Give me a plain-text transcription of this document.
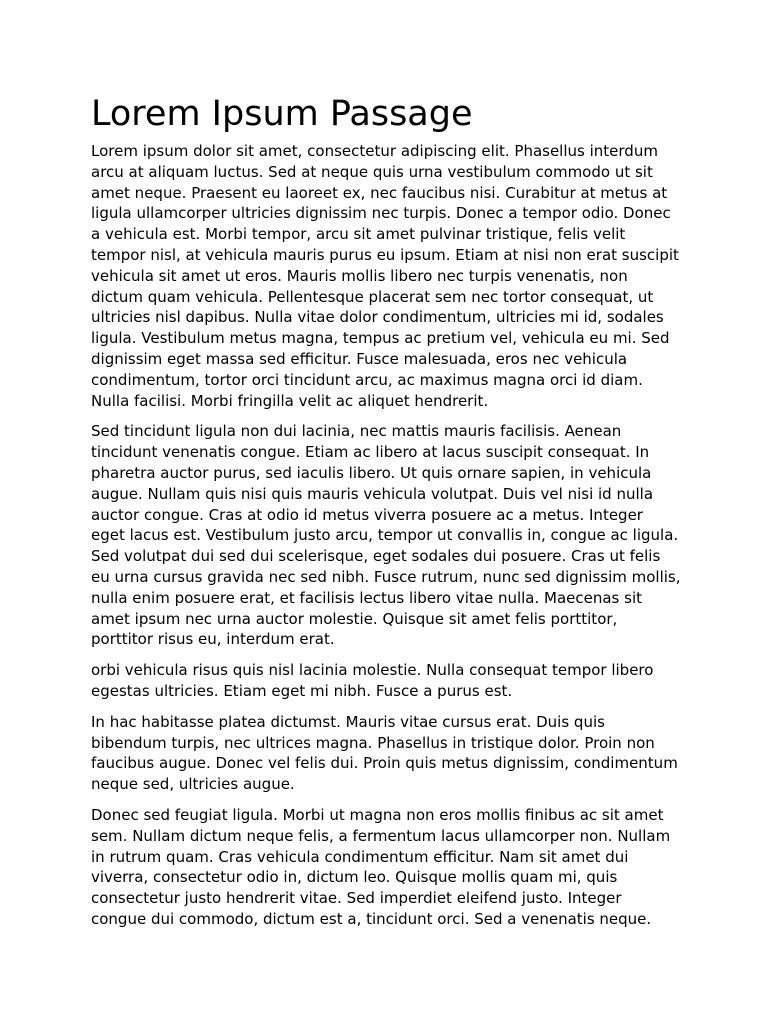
Lorem Ipsum Passage

Lorem ipsum dolor sit amet, consectetur adipiscing elit. Phasellus interdum arcu at aliquam luctus. Sed at neque quis urna vestibulum commodo ut sit amet neque. Praesent eu laoreet ex, nec faucibus nisi. Curabitur at metus at ligula ullamcorper ultricies dignissim nec turpis. Donec a tempor odio. Donec a vehicula est. Morbi tempor, arcu sit amet pulvinar tristique, felis velit tempor nisl, at vehicula mauris purus eu ipsum. Etiam at nisi non erat suscipit vehicula sit amet ut eros. Mauris mollis libero nec turpis venenatis, non dictum quam vehicula. Pellentesque placerat sem nec tortor consequat, ut ultricies nisl dapibus. Nulla vitae dolor condimentum, ultricies mi id, sodales ligula. Vestibulum metus magna, tempus ac pretium vel, vehicula eu mi. Sed dignissim eget massa sed efficitur. Fusce malesuada, eros nec vehicula condimentum, tortor orci tincidunt arcu, ac maximus magna orci id diam. Nulla facilisi. Morbi fringilla velit ac aliquet hendrerit.

Sed tincidunt ligula non dui lacinia, nec mattis mauris facilisis. Aenean tincidunt venenatis congue. Etiam ac libero at lacus suscipit consequat. In pharetra auctor purus, sed iaculis libero. Ut quis ornare sapien, in vehicula augue. Nullam quis nisi quis mauris vehicula volutpat. Duis vel nisi id nulla auctor congue. Cras at odio id metus viverra posuere ac a metus. Integer eget lacus est. Vestibulum justo arcu, tempor ut convallis in, congue ac ligula. Sed volutpat dui sed dui scelerisque, eget sodales dui posuere. Cras ut felis eu urna cursus gravida nec sed nibh. Fusce rutrum, nunc sed dignissim mollis, nulla enim posuere erat, et facilisis lectus libero vitae nulla. Maecenas sit amet ipsum nec urna auctor molestie. Quisque sit amet felis porttitor, porttitor risus eu, interdum erat.

orbi vehicula risus quis nisl lacinia molestie. Nulla consequat tempor libero egestas ultricies. Etiam eget mi nibh. Fusce a purus est.

In hac habitasse platea dictumst. Mauris vitae cursus erat. Duis quis bibendum turpis, nec ultrices magna. Phasellus in tristique dolor. Proin non faucibus augue. Donec vel felis dui. Proin quis metus dignissim, condimentum neque sed, ultricies augue.

Donec sed feugiat ligula. Morbi ut magna non eros mollis finibus ac sit amet sem. Nullam dictum neque felis, a fermentum lacus ullamcorper non. Nullam in rutrum quam. Cras vehicula condimentum efficitur. Nam sit amet dui viverra, consectetur odio in, dictum leo. Quisque mollis quam mi, quis consectetur justo hendrerit vitae. Sed imperdiet eleifend justo. Integer congue dui commodo, dictum est a, tincidunt orci. Sed a venenatis neque.
